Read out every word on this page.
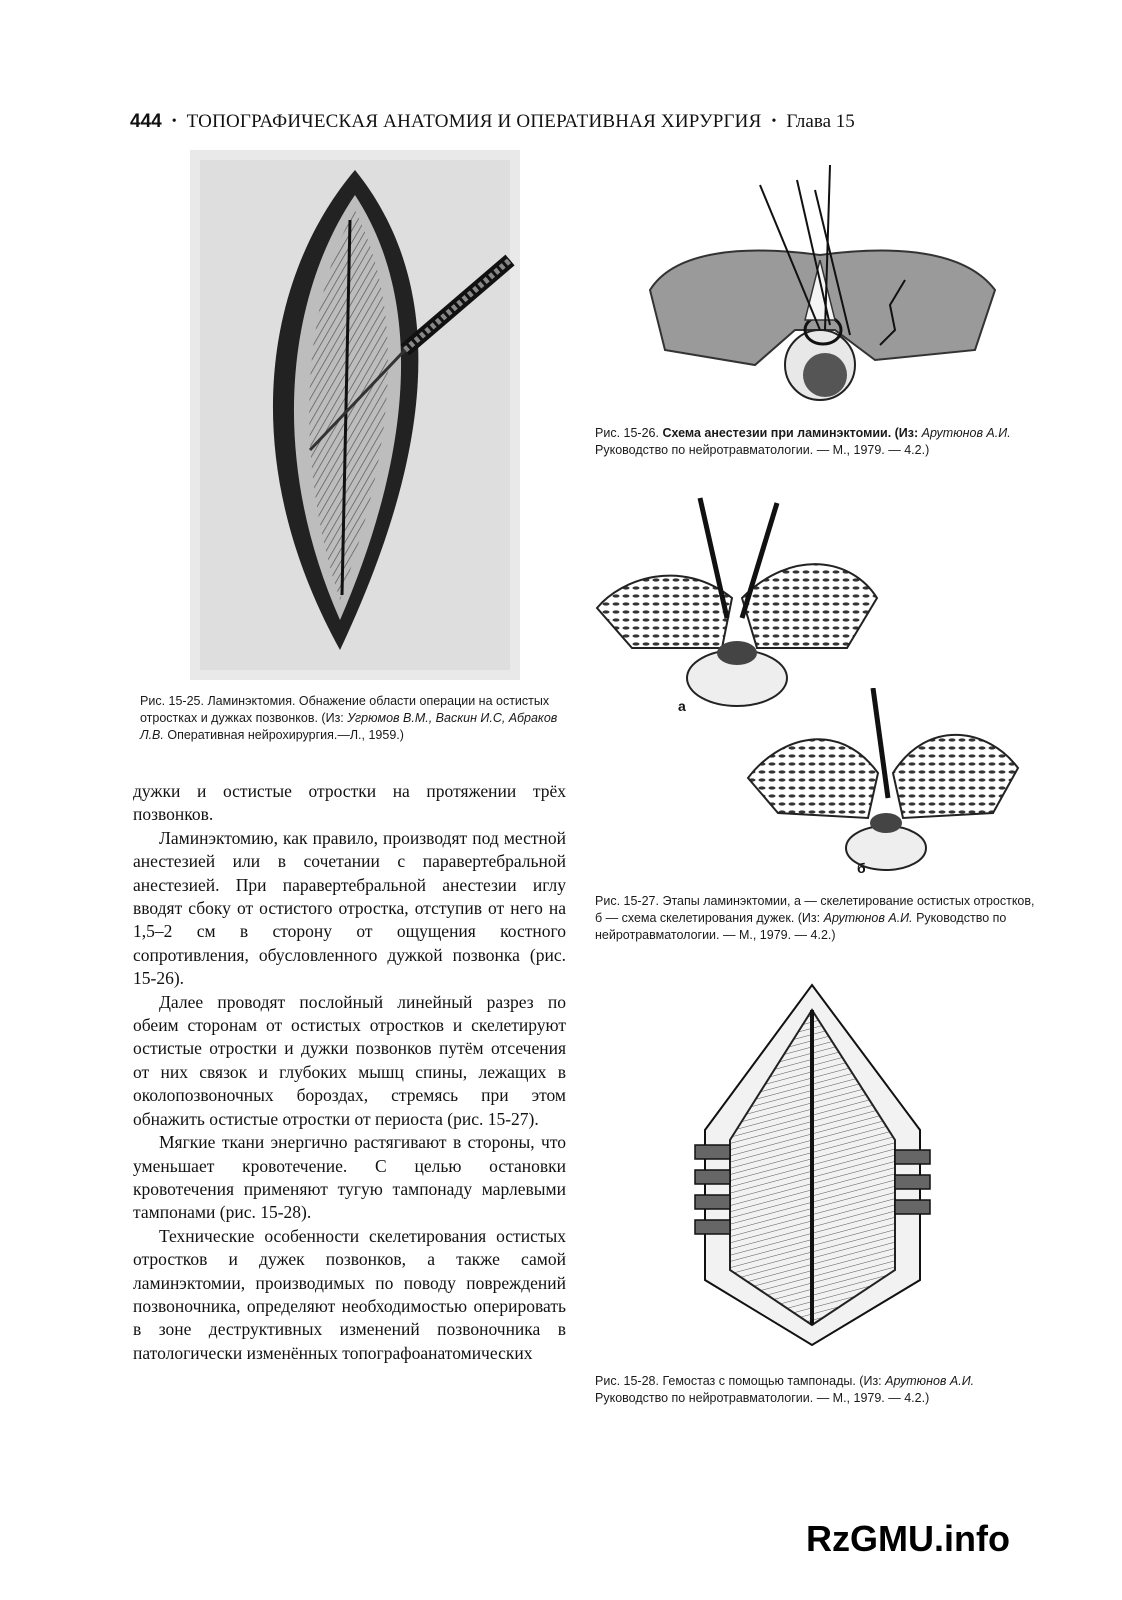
444 • ТОПОГРАФИЧЕСКАЯ АНАТОМИЯ И ОПЕРАТИВНАЯ ХИРУРГИЯ • Глава 15
Рис. 15-25. Ламинэктомия. Обнажение области операции на остистых отростках и дужках позвонков. (Из: Угрюмов В.М., Васкин И.С, Абраков Л.В. Оперативная нейрохирургия.—Л., 1959.)
Рис. 15-26. Схема анестезии при ламинэктомии. (Из: Арутюнов А.И. Руководство по нейротравматологии. — М., 1979. — 4.2.)
а
б
Рис. 15-27. Этапы ламинэктомии, а — скелетирование остистых отростков, б — схема скелетирования дужек. (Из: Арутюнов А.И. Руководство по нейротравматологии. — М., 1979. — 4.2.)
Рис. 15-28. Гемостаз с помощью тампонады. (Из: Арутюнов А.И. Руководство по нейротравматологии. — М., 1979. — 4.2.)

дужки и остистые отростки на протяжении трёх позвонков.

Ламинэктомию, как правило, производят под местной анестезией или в сочетании с паравертебральной анестезией. При паравертебральной анестезии иглу вводят сбоку от остистого отростка, отступив от него на 1,5–2 см в сторону от ощущения костного сопротивления, обусловленного дужкой позвонка (рис. 15-26).

Далее проводят послойный линейный разрез по обеим сторонам от остистых отростков и скелетируют остистые отростки и дужки позвонков путём отсечения от них связок и глубоких мышц спины, лежащих в околопозвоночных бороздах, стремясь при этом обнажить остистые отростки от периоста (рис. 15-27).

Мягкие ткани энергично растягивают в стороны, что уменьшает кровотечение. С целью остановки кровотечения применяют тугую тампонаду марлевыми тампонами (рис. 15-28).

Технические особенности скелетирования остистых отростков и дужек позвонков, а также самой ламинэктомии, производимых по поводу повреждений позвоночника, определяют необходимостью оперировать в зоне деструктивных изменений позвоночника в патологически изменённых топографоанатомических

RzGMU.info
